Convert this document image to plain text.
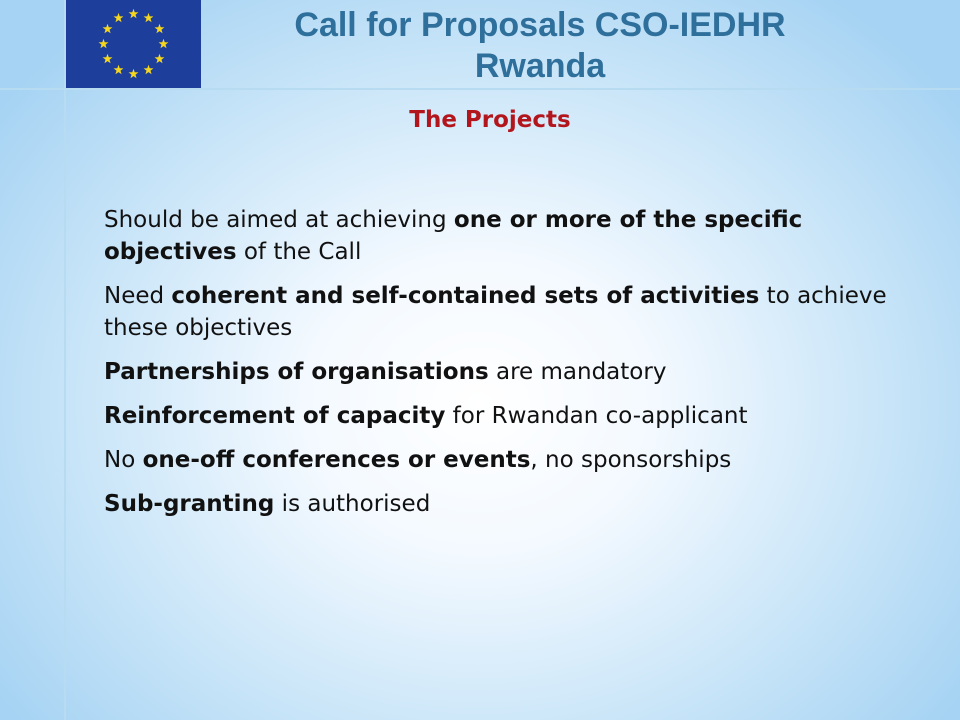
Call for Proposals CSO-IEDHR
Rwanda
The Projects
Should be aimed at achieving one or more of the specific objectives of the Call
Need coherent and self-contained sets of activities to achieve these objectives
Partnerships of organisations are mandatory
Reinforcement of capacity for Rwandan co-applicant
No one-off conferences or events, no sponsorships
Sub-granting is authorised
